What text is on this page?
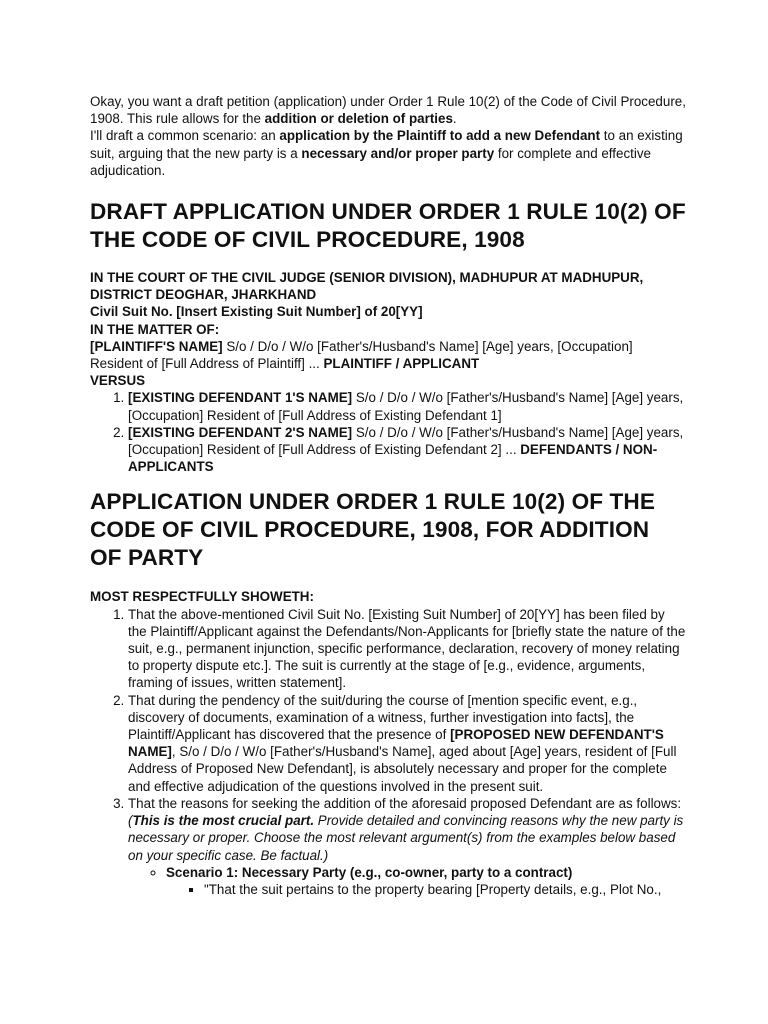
Okay, you want a draft petition (application) under Order 1 Rule 10(2) of the Code of Civil Procedure, 1908. This rule allows for the addition or deletion of parties.

I'll draft a common scenario: an application by the Plaintiff to add a new Defendant to an existing suit, arguing that the new party is a necessary and/or proper party for complete and effective adjudication.

DRAFT APPLICATION UNDER ORDER 1 RULE 10(2) OF THE CODE OF CIVIL PROCEDURE, 1908

IN THE COURT OF THE CIVIL JUDGE (SENIOR DIVISION), MADHUPUR AT MADHUPUR, DISTRICT DEOGHAR, JHARKHAND

Civil Suit No. [Insert Existing Suit Number] of 20[YY]

IN THE MATTER OF:

[PLAINTIFF'S NAME] S/o / D/o / W/o [Father's/Husband's Name] [Age] years, [Occupation] Resident of [Full Address of Plaintiff] ... PLAINTIFF / APPLICANT

VERSUS

1. [EXISTING DEFENDANT 1'S NAME] S/o / D/o / W/o [Father's/Husband's Name] [Age] years, [Occupation] Resident of [Full Address of Existing Defendant 1]
2. [EXISTING DEFENDANT 2'S NAME] S/o / D/o / W/o [Father's/Husband's Name] [Age] years, [Occupation] Resident of [Full Address of Existing Defendant 2] ... DEFENDANTS / NON-APPLICANTS
APPLICATION UNDER ORDER 1 RULE 10(2) OF THE CODE OF CIVIL PROCEDURE, 1908, FOR ADDITION OF PARTY

MOST RESPECTFULLY SHOWETH:

1. That the above-mentioned Civil Suit No. [Existing Suit Number] of 20[YY] has been filed by the Plaintiff/Applicant against the Defendants/Non-Applicants for [briefly state the nature of the suit, e.g., permanent injunction, specific performance, declaration, recovery of money relating to property dispute etc.]. The suit is currently at the stage of [e.g., evidence, arguments, framing of issues, written statement].
2. That during the pendency of the suit/during the course of [mention specific event, e.g., discovery of documents, examination of a witness, further investigation into facts], the Plaintiff/Applicant has discovered that the presence of [PROPOSED NEW DEFENDANT'S NAME], S/o / D/o / W/o [Father's/Husband's Name], aged about [Age] years, resident of [Full Address of Proposed New Defendant], is absolutely necessary and proper for the complete and effective adjudication of the questions involved in the present suit.
3. That the reasons for seeking the addition of the aforesaid proposed Defendant are as follows: (This is the most crucial part. Provide detailed and convincing reasons why the new party is necessary or proper. Choose the most relevant argument(s) from the examples below based on your specific case. Be factual.)
◦ Scenario 1: Necessary Party (e.g., co-owner, party to a contract)
▪ "That the suit pertains to the property bearing [Property details, e.g., Plot No.,
